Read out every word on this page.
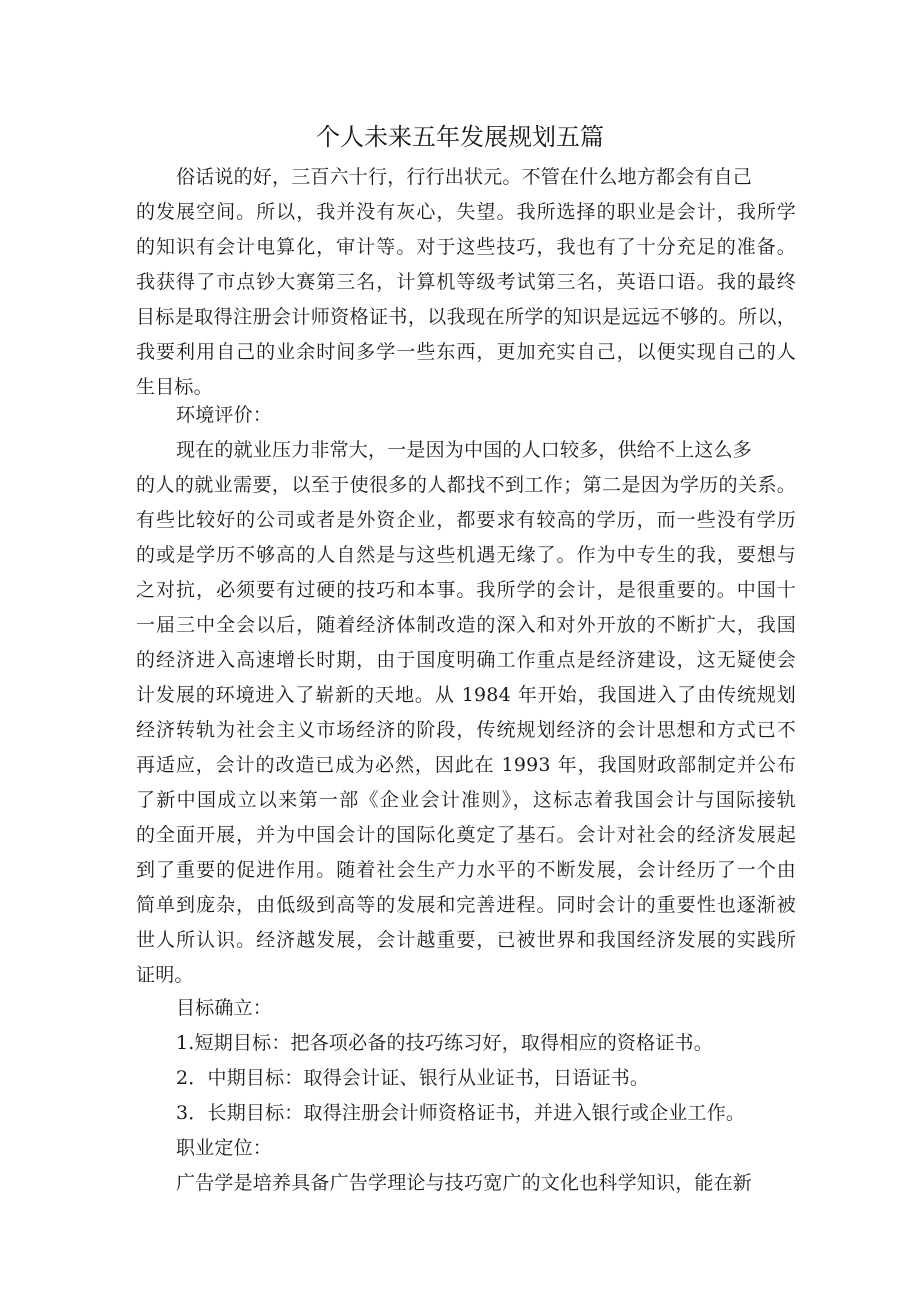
个人未来五年发展规划五篇
俗话说的好，三百六十行，行行出状元。不管在什么地方都会有自己
的发展空间。所以，我并没有灰心，失望。我所选择的职业是会计，我所学
的知识有会计电算化，审计等。对于这些技巧，我也有了十分充足的准备。
我获得了市点钞大赛第三名，计算机等级考试第三名，英语口语。我的最终
目标是取得注册会计师资格证书，以我现在所学的知识是远远不够的。所以，
我要利用自己的业余时间多学一些东西，更加充实自己，以便实现自己的人
生目标。
环境评价：
现在的就业压力非常大，一是因为中国的人口较多，供给不上这么多
的人的就业需要，以至于使很多的人都找不到工作；第二是因为学历的关系。
有些比较好的公司或者是外资企业，都要求有较高的学历，而一些没有学历
的或是学历不够高的人自然是与这些机遇无缘了。作为中专生的我，要想与
之对抗，必须要有过硬的技巧和本事。我所学的会计，是很重要的。中国十
一届三中全会以后，随着经济体制改造的深入和对外开放的不断扩大，我国
的经济进入高速增长时期，由于国度明确工作重点是经济建设，这无疑使会
计发展的环境进入了崭新的天地。从 1984 年开始，我国进入了由传统规划
经济转轨为社会主义市场经济的阶段，传统规划经济的会计思想和方式已不
再适应，会计的改造已成为必然，因此在 1993 年，我国财政部制定并公布
了新中国成立以来第一部《企业会计准则》，这标志着我国会计与国际接轨
的全面开展，并为中国会计的国际化奠定了基石。会计对社会的经济发展起
到了重要的促进作用。随着社会生产力水平的不断发展，会计经历了一个由
简单到庞杂，由低级到高等的发展和完善进程。同时会计的重要性也逐渐被
世人所认识。经济越发展，会计越重要，已被世界和我国经济发展的实践所
证明。
目标确立：
1.短期目标：把各项必备的技巧练习好，取得相应的资格证书。
2．中期目标：取得会计证、银行从业证书，日语证书。
3．长期目标：取得注册会计师资格证书，并进入银行或企业工作。
职业定位：
广告学是培养具备广告学理论与技巧宽广的文化也科学知识，能在新
